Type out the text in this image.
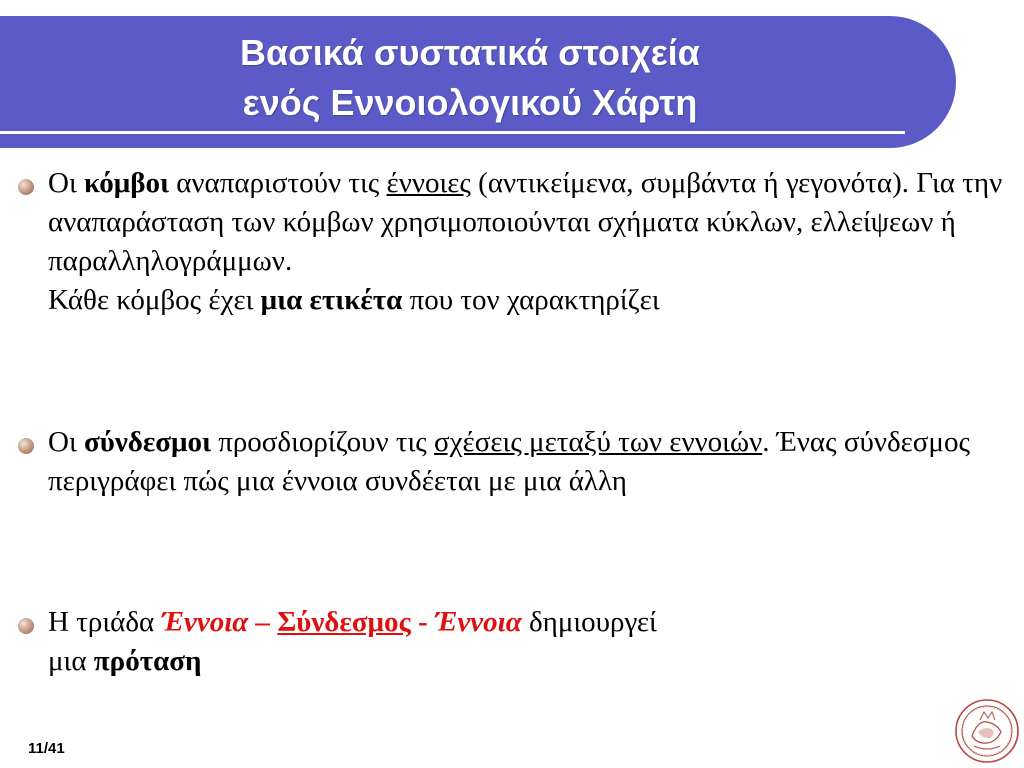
Βασικά συστατικά στοιχεία
ενός Εννοιολογικού Χάρτη
Οι κόμβοι αναπαριστούν τις έννοιες (αντικείμενα, συμβάντα ή γεγονότα). Για την αναπαράσταση των κόμβων χρησιμοποιούνται σχήματα κύκλων, ελλείψεων ή παραλληλογράμμων.
Κάθε κόμβος έχει μια ετικέτα που τον χαρακτηρίζει
Οι σύνδεσμοι προσδιορίζουν τις σχέσεις μεταξύ των εννοιών. Ένας σύνδεσμος περιγράφει πώς μια έννοια συνδέεται με μια άλλη
Η τριάδα Έννοια – Σύνδεσμος - Έννοια δημιουργεί
μια πρόταση
11/41
